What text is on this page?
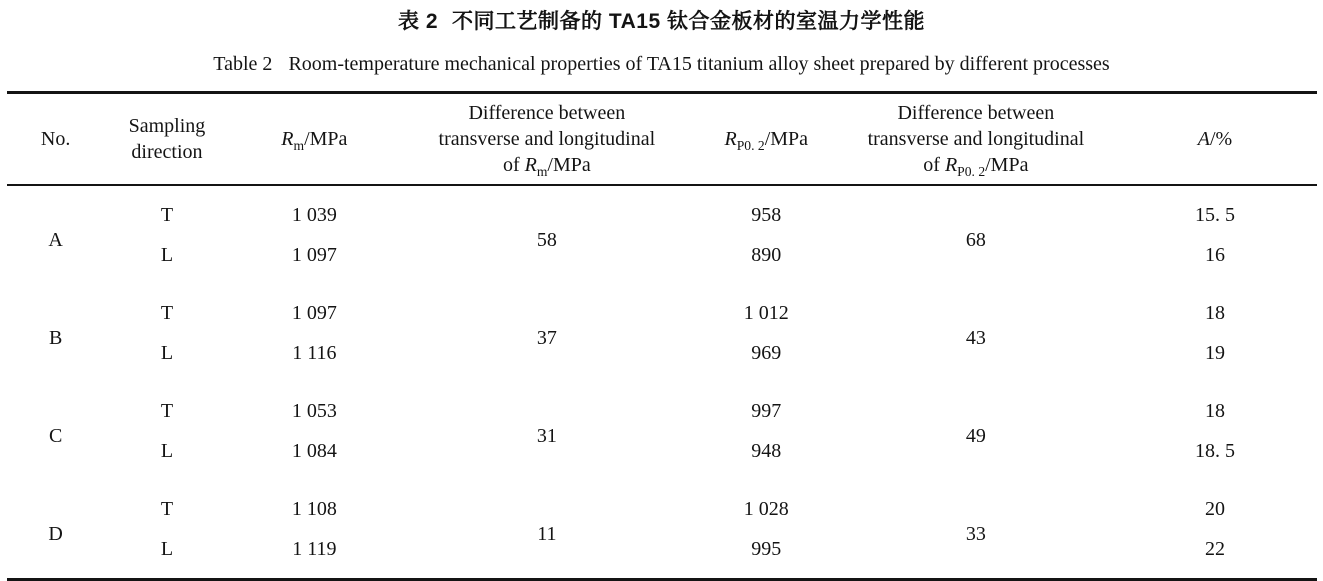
表 2 不同工艺制备的 TA15 钛合金板材的室温力学性能
Table 2 Room-temperature mechanical properties of TA15 titanium alloy sheet prepared by different processes
No.	Sampling
direction	$R_m$/MPa	Difference between
transverse and longitudinal
of $R_m$/MPa	$R_{P0. 2}$/MPa	Difference between
transverse and longitudinal
of $R_{P0. 2}$/MPa	A/%
A	T	1 039	58	958	68	15. 5
	L	1 097		890		16
B	T	1 097	37	1 012	43	18
	L	1 116		969		19
C	T	1 053	31	997	49	18
	L	1 084		948		18. 5
D	T	1 108	11	1 028	33	20
	L	1 119		995		22
